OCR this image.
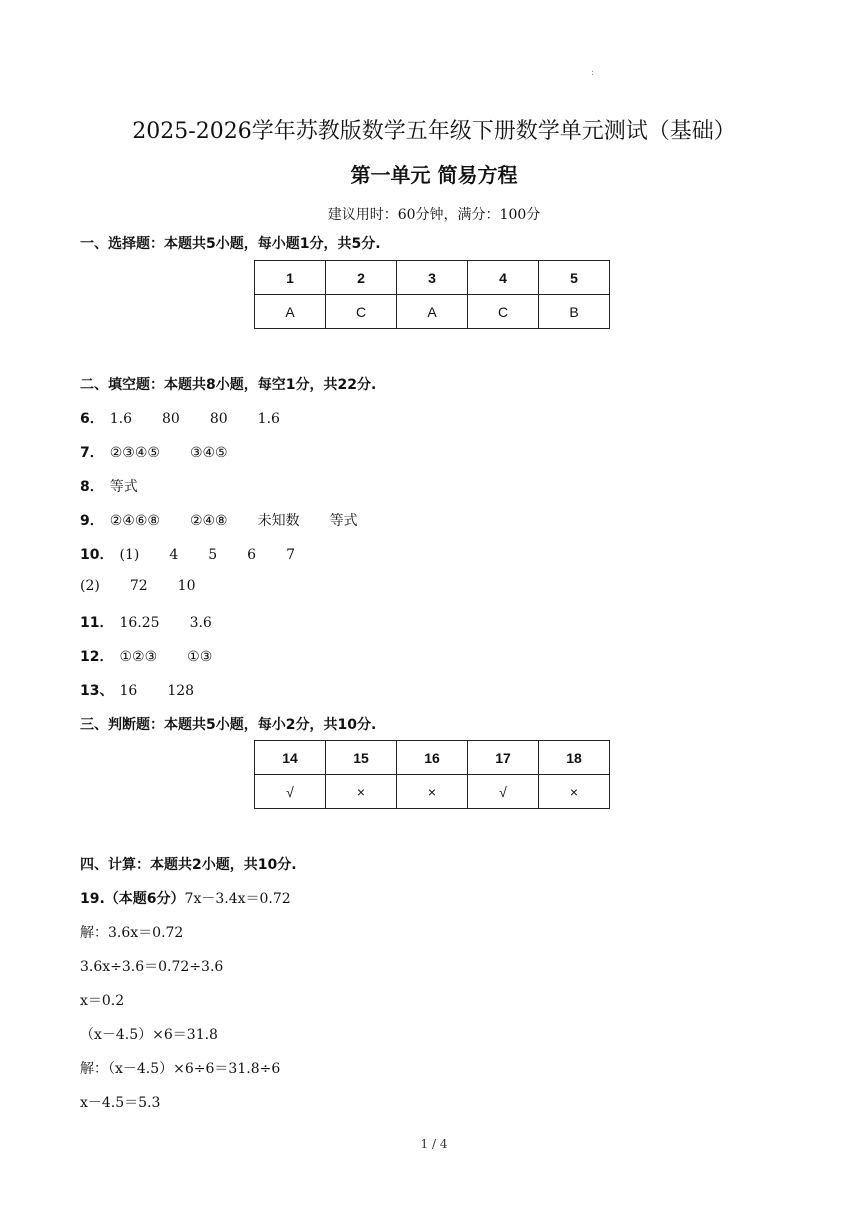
:
2025-2026学年苏教版数学五年级下册数学单元测试（基础）
第一单元 简易方程
建议用时：60分钟，满分：100分
一、选择题：本题共5小题，每小题1分，共5分.
1	2	3	4	5
A	C	A	C	B
二、填空题：本题共8小题，每空1分，共22分.
6． 1.6 80 80 1.6
7． ②③④⑤ ③④⑤
8． 等式
9． ②④⑥⑧ ②④⑧ 未知数 等式
10． (1) 4 5 6 7
(2) 72 10
11． 16.25 3.6
12． ①②③ ①③
13、 16 128
三、判断题：本题共5小题，每小2分，共10分.
14	15	16	17	18
√	×	×	√	×
四、计算：本题共2小题，共10分.
19.（本题6分）7x－3.4x＝0.72
解：3.6x＝0.72
3.6x÷3.6＝0.72÷3.6
x＝0.2
（x－4.5）×6＝31.8
解：（x－4.5）×6÷6＝31.8÷6
x－4.5＝5.3
1 / 4
